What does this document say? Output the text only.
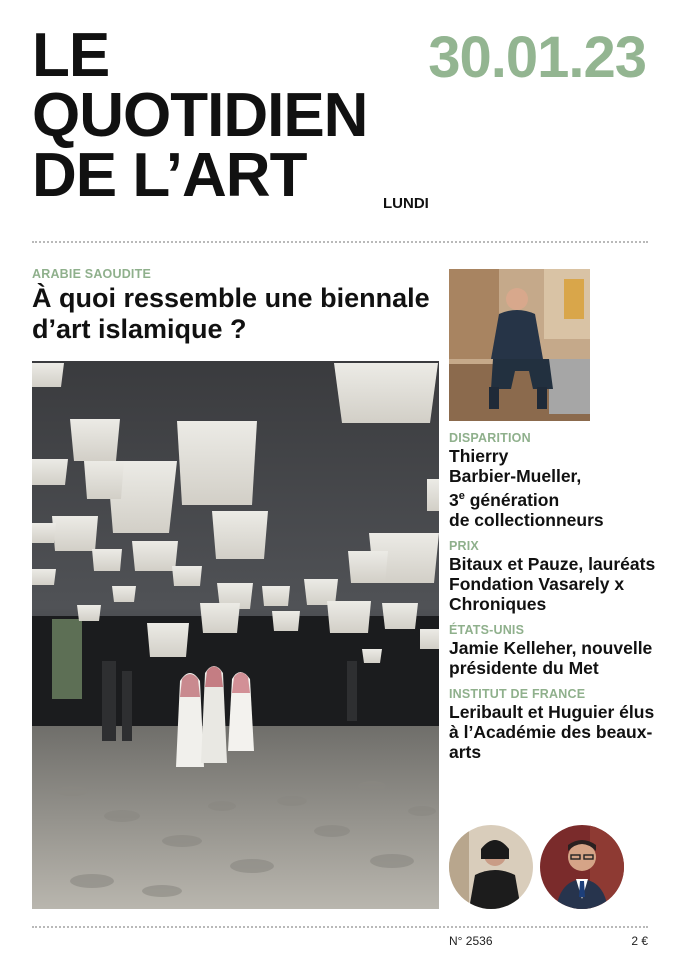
LE
QUOTIDIEN
DE L’ART
30.01.23
LUNDI
ARABIE SAOUDITE
À quoi ressemble une biennale d’art islamique ?
DISPARITION
Thierry
Barbier-Mueller,
3e génération
de collectionneurs
PRIX
Bitaux et Pauze, lauréats Fondation Vasarely x Chroniques
ÉTATS-UNIS
Jamie Kelleher, nouvelle présidente du Met
INSTITUT DE FRANCE
Leribault et Huguier élus à l’Académie des beaux-arts
N° 2536	2 €
